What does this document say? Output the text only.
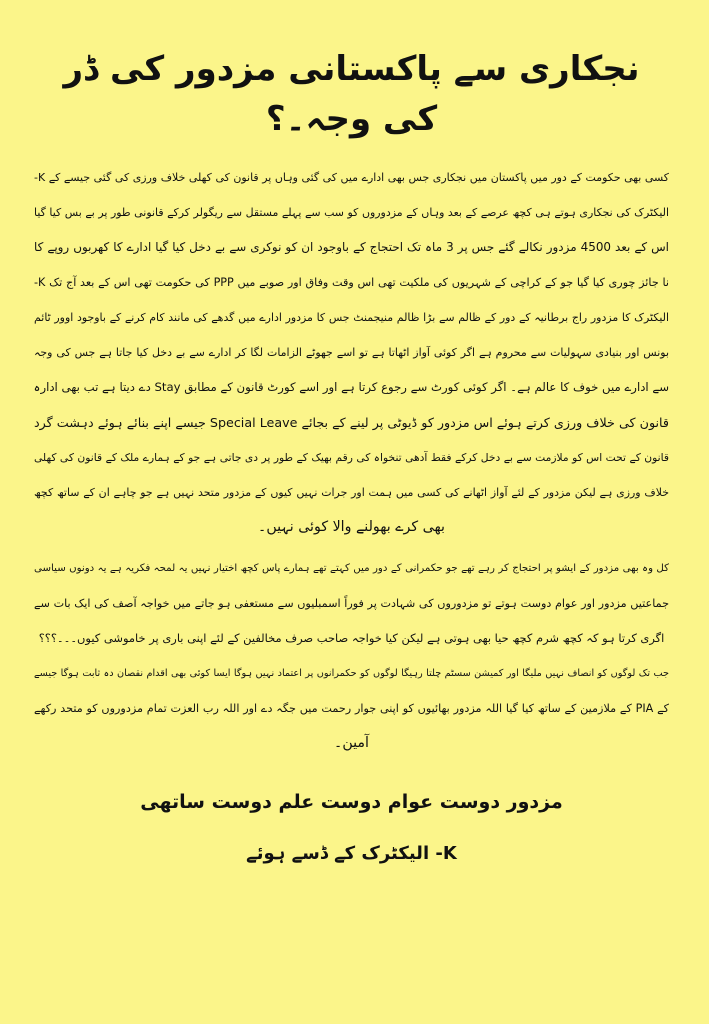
نجکاری سے پاکستانی مزدور کی ڈر کی وجہ۔؟
کسی بھی حکومت کے دور میں پاکستان میں نجکاری جس بھی ادارے میں کی گئی وہاں پر قانون کی کھلی خلاف ورزی کی گئی جیسے کے K-
الیکٹرک کی نجکاری ہوتے ہی کچھ عرصے کے بعد وہاں کے مزدوروں کو سب سے پہلے مستقل سے ریگولر کرکے قانونی طور پر بے بس کیا گیا
اس کے بعد 4500 مزدور نکالے گئے جس پر 3 ماہ تک احتجاج کے باوجود ان کو نوکری سے بے دخل کیا گیا ادارے کا کھربوں روپے کا
نا جائز چوری کیا گیا جو کے کراچی کے شہریوں کی ملکیت تھی اس وقت وفاق اور صوبے میں PPP کی حکومت تھی اس کے بعد آج تک K-
الیکٹرک کا مزدور راج برطانیہ کے دور کے ظالم سے بڑا ظالم منیجمنٹ جس کا مزدور ادارے میں گدھے کی مانند کام کرنے کے باوجود اوور ٹائم
بونس اور بنیادی سہولیات سے محروم ہے اگر کوئی آواز اٹھاتا ہے تو اسے جھوٹے الزامات لگا کر ادارے سے بے دخل کیا جاتا ہے جس کی وجہ
سے ادارے میں خوف کا عالم ہے۔ اگر کوئی کورٹ سے رجوع کرتا ہے اور اسے کورٹ قانون کے مطابق Stay دے دیتا ہے تب بھی ادارہ
قانون کی خلاف ورزی کرتے ہوئے اس مزدور کو ڈیوٹی پر لینے کے بجائے Special Leave جیسے اپنے بنائے ہوئے دہشت گرد
قانون کے تحت اس کو ملازمت سے بے دخل کرکے فقط آدھی تنخواہ کی رقم بھیک کے طور پر دی جاتی ہے جو کے ہمارے ملک کے قانون کی کھلی
خلاف ورزی ہے لیکن مزدور کے لئے آواز اٹھانے کی کسی میں ہمت اور جرات نہیں کیوں کے مزدور متحد نہیں ہے جو چاہے ان کے ساتھ کچھ
بھی کرے بھولنے والا کوئی نہیں۔
کل وہ بھی مزدور کے ایشو پر احتجاج کر رہے تھے جو حکمرانی کے دور میں کہتے تھے ہمارے پاس کچھ اختیار نہیں یہ لمحہ فکریہ ہے یہ دونوں سیاسی
جماعتیں مزدور اور عوام دوست ہوتے تو مزدوروں کی شہادت پر فوراً اسمبلیوں سے مستعفی ہو جاتے میں خواجہ آصف کی ایک بات سے
اگری کرتا ہو کہ کچھ شرم کچھ حیا بھی ہوتی ہے لیکن کیا خواجہ صاحب صرف مخالفین کے لئے اپنی باری پر خاموشی کیوں۔۔۔؟؟؟
جب تک لوگوں کو انصاف نہیں ملیگا اور کمیشن سسٹم چلتا رہیگا لوگوں کو حکمرانوں پر اعتماد نہیں ہوگا ایسا کوئی بھی اقدام نقصان دہ ثابت ہوگا جیسے
کے PIA کے ملازمین کے ساتھ کیا گیا اللہ مزدور بھائیوں کو اپنی جوار رحمت میں جگہ دے اور اللہ رب العزت تمام مزدوروں کو متحد رکھے
آمین۔
مزدور دوست عوام دوست علم دوست ساتھی
K- الیکٹرک کے ڈسے ہوئے
